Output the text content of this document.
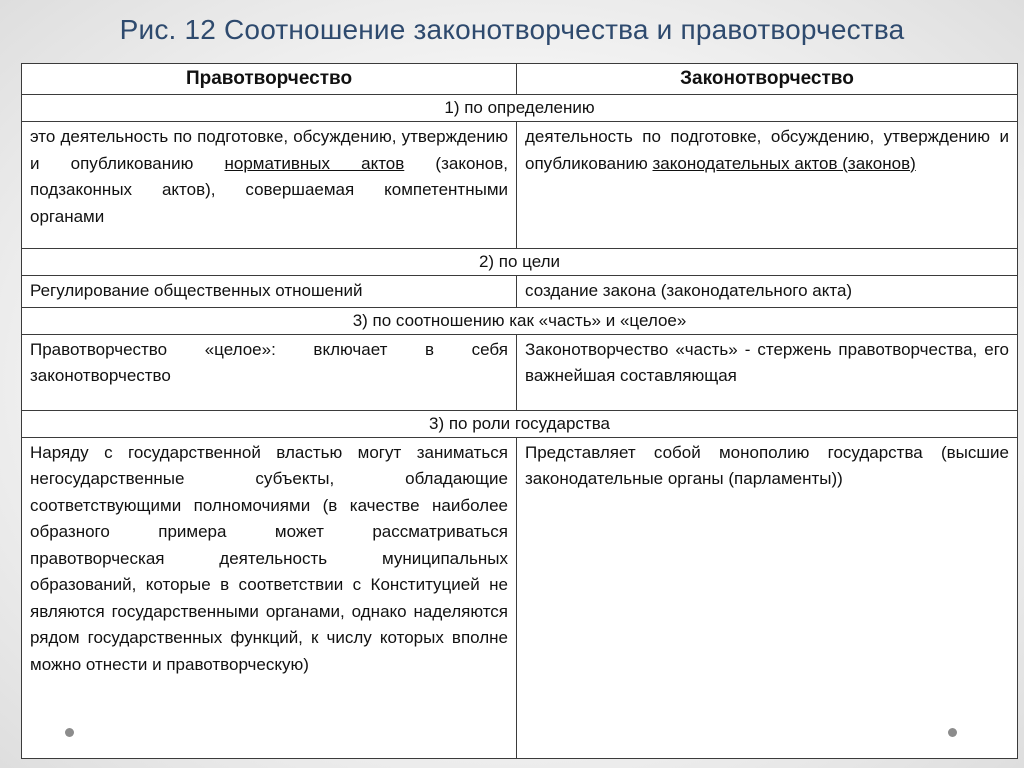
Рис. 12 Соотношение законотворчества и правотворчества
Правотворчество	Законотворчество
1) по определению	
это деятельность по подготовке, обсуждению, утверждению и опубликованию нормативных актов (законов, подзаконных актов), совершаемая компетентными органами	деятельность по подготовке, обсуждению, утверждению и опубликованию законодательных актов (законов)
2) по цели	
Регулирование общественных отношений	создание закона (законодательного акта)
3) по соотношению как «часть» и «целое»	
Правотворчество «целое»: включает в себя законотворчество	Законотворчество «часть» - стержень правотворчества, его важнейшая составляющая
3) по роли государства	
Наряду с государственной властью могут заниматься негосударственные субъекты, обладающие соответствующими полномочиями (в качестве наиболее образного примера может рассматриваться правотворческая деятельность муниципальных образований, которые в соответствии с Конституцией не являются государственными органами, однако наделяются рядом государственных функций, к числу которых вполне можно отнести и правотворческую)	Представляет собой монополию государства (высшие законодательные органы (парламенты))
